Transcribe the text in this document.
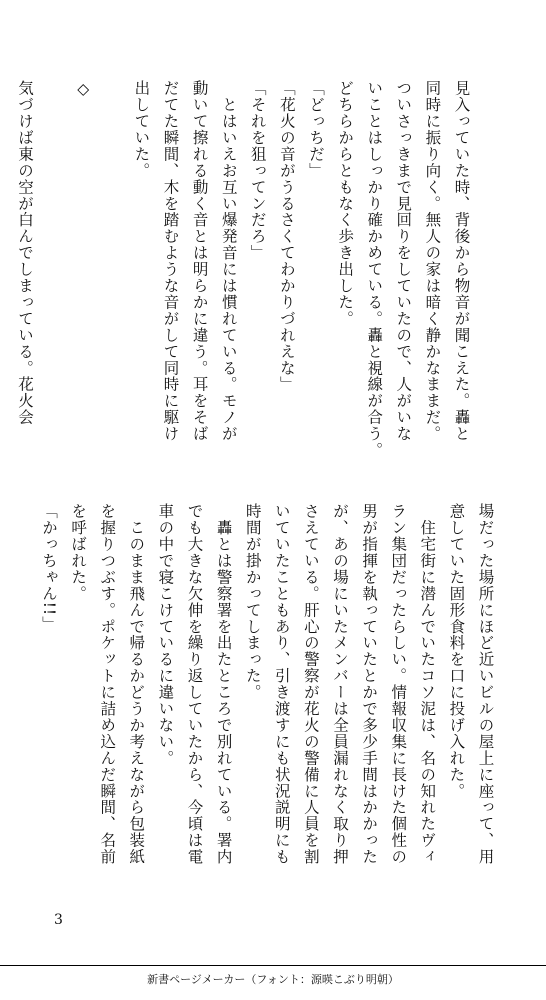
見入っていた時、背後から物音が聞こえた。轟と
同時に振り向く。無人の家は暗く静かなままだ。
ついさっきまで見回りをしていたので、人がいな
いことはしっかり確かめている。轟と視線が合う。
どちらからともなく歩き出した。
「どっちだ」
「花火の音がうるさくてわかりづれえな」
「それを狙ってンだろ」
　とはいえお互い爆発音には慣れている。モノが
動いて擦れる動く音とは明らかに違う。耳をそば
だてた瞬間、木を踏むような音がして同時に駆け
出していた。
◇
気づけば東の空が白んでしまっている。花火会
場だった場所にほど近いビルの屋上に座って、用
意していた固形食料を口に投げ入れた。
　住宅街に潜んでいたコソ泥は、名の知れたヴィ
ラン集団だったらしい。情報収集に長けた個性の
男が指揮を執っていたとかで多少手間はかかった
が、あの場にいたメンバーは全員漏れなく取り押
さえている。肝心の警察が花火の警備に人員を割
いていたこともあり、引き渡すにも状況説明にも
時間が掛かってしまった。
　轟とは警察署を出たところで別れている。署内
でも大きな欠伸を繰り返していたから、今頃は電
車の中で寝こけているに違いない。
　このまま飛んで帰るかどうか考えながら包装紙
を握りつぶす。ポケットに詰め込んだ瞬間、名前
を呼ばれた。
「かっちゃん!!」
3
新書ページメーカー（フォント：源暎こぶり明朝）
